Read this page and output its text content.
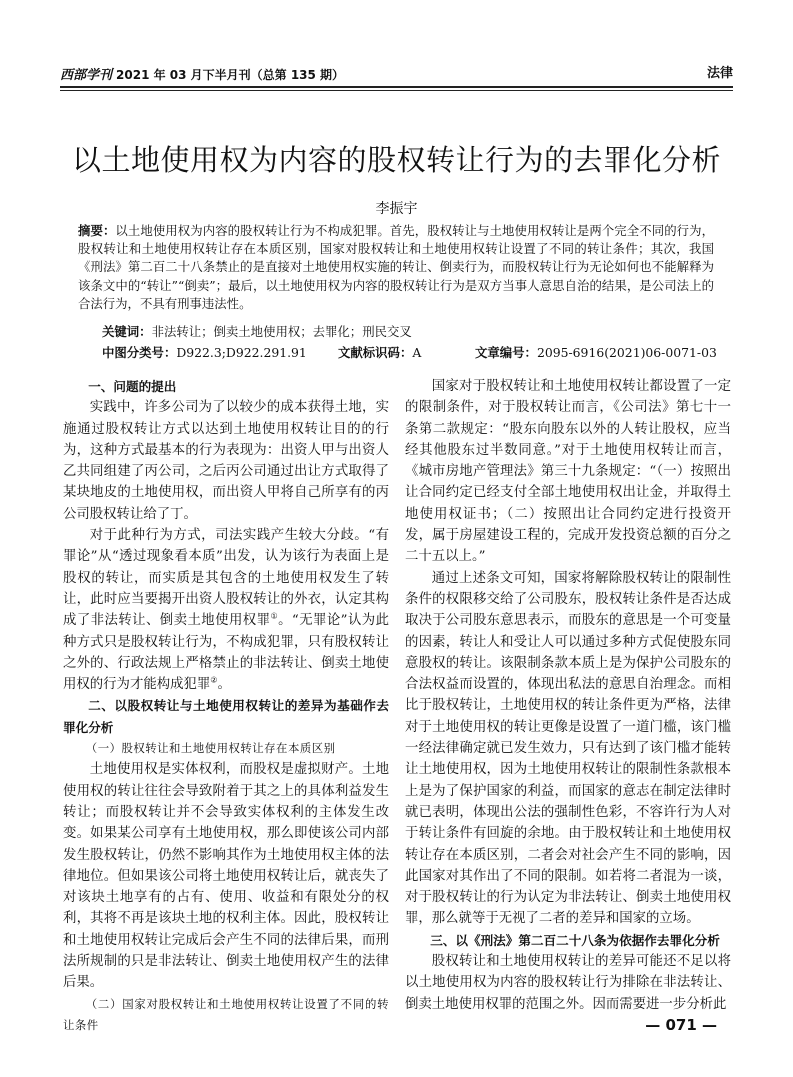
西部学刊 2021 年 03 月下半月刊（总第 135 期）	法律
以土地使用权为内容的股权转让行为的去罪化分析
李振宇
摘要：以土地使用权为内容的股权转让行为不构成犯罪。首先，股权转让与土地使用权转让是两个完全不同的行为，股权转让和土地使用权转让存在本质区别，国家对股权转让和土地使用权转让设置了不同的转让条件；其次，我国《刑法》第二百二十八条禁止的是直接对土地使用权实施的转让、倒卖行为，而股权转让行为无论如何也不能解释为该条文中的“转让”“倒卖”；最后，以土地使用权为内容的股权转让行为是双方当事人意思自治的结果，是公司法上的合法行为，不具有刑事违法性。
关键词：非法转让；倒卖土地使用权；去罪化；刑民交叉
中图分类号：D922.3;D922.291.91	文献标识码：A	文章编号：2095-6916(2021)06-0071-03
一、问题的提出

实践中，许多公司为了以较少的成本获得土地，实施通过股权转让方式以达到土地使用权转让目的的行为，这种方式最基本的行为表现为：出资人甲与出资人乙共同组建了丙公司，之后丙公司通过出让方式取得了某块地皮的土地使用权，而出资人甲将自己所享有的丙公司股权转让给了丁。

对于此种行为方式，司法实践产生较大分歧。“有罪论”从“透过现象看本质”出发，认为该行为表面上是股权的转让，而实质是其包含的土地使用权发生了转让，此时应当要揭开出资人股权转让的外衣，认定其构成了非法转让、倒卖土地使用权罪①。“无罪论”认为此种方式只是股权转让行为，不构成犯罪，只有股权转让之外的、行政法规上严格禁止的非法转让、倒卖土地使用权的行为才能构成犯罪②。

二、以股权转让与土地使用权转让的差异为基础作去罪化分析
（一）股权转让和土地使用权转让存在本质区别

土地使用权是实体权利，而股权是虚拟财产。土地使用权的转让往往会导致附着于其之上的具体利益发生转让；而股权转让并不会导致实体权利的主体发生改变。如果某公司享有土地使用权，那么即使该公司内部发生股权转让，仍然不影响其作为土地使用权主体的法律地位。但如果该公司将土地使用权转让后，就丧失了对该块土地享有的占有、使用、收益和有限处分的权利，其将不再是该块土地的权利主体。因此，股权转让和土地使用权转让完成后会产生不同的法律后果，而刑法所规制的只是非法转让、倒卖土地使用权产生的法律后果。

（二）国家对股权转让和土地使用权转让设置了不同的转让条件

国家对于股权转让和土地使用权转让都设置了一定的限制条件，对于股权转让而言，《公司法》第七十一条第二款规定：“股东向股东以外的人转让股权，应当经其他股东过半数同意。”对于土地使用权转让而言，《城市房地产管理法》第三十九条规定：“（一）按照出让合同约定已经支付全部土地使用权出让金，并取得土地使用权证书；（二）按照出让合同约定进行投资开发，属于房屋建设工程的，完成开发投资总额的百分之二十五以上。”

通过上述条文可知，国家将解除股权转让的限制性条件的权限移交给了公司股东，股权转让条件是否达成取决于公司股东意思表示，而股东的意思是一个可变量的因素，转让人和受让人可以通过多种方式促使股东同意股权的转让。该限制条款本质上是为保护公司股东的合法权益而设置的，体现出私法的意思自治理念。而相比于股权转让，土地使用权的转让条件更为严格，法律对于土地使用权的转让更像是设置了一道门槛，该门槛一经法律确定就已发生效力，只有达到了该门槛才能转让土地使用权，因为土地使用权转让的限制性条款根本上是为了保护国家的利益，而国家的意志在制定法律时就已表明，体现出公法的强制性色彩，不容许行为人对于转让条件有回旋的余地。由于股权转让和土地使用权转让存在本质区别，二者会对社会产生不同的影响，因此国家对其作出了不同的限制。如若将二者混为一谈，对于股权转让的行为认定为非法转让、倒卖土地使用权罪，那么就等于无视了二者的差异和国家的立场。

三、以《刑法》第二百二十八条为依据作去罪化分析

股权转让和土地使用权转让的差异可能还不足以将以土地使用权为内容的股权转让行为排除在非法转让、倒卖土地使用权罪的范围之外。因而需要进一步分析此

— 071 —
